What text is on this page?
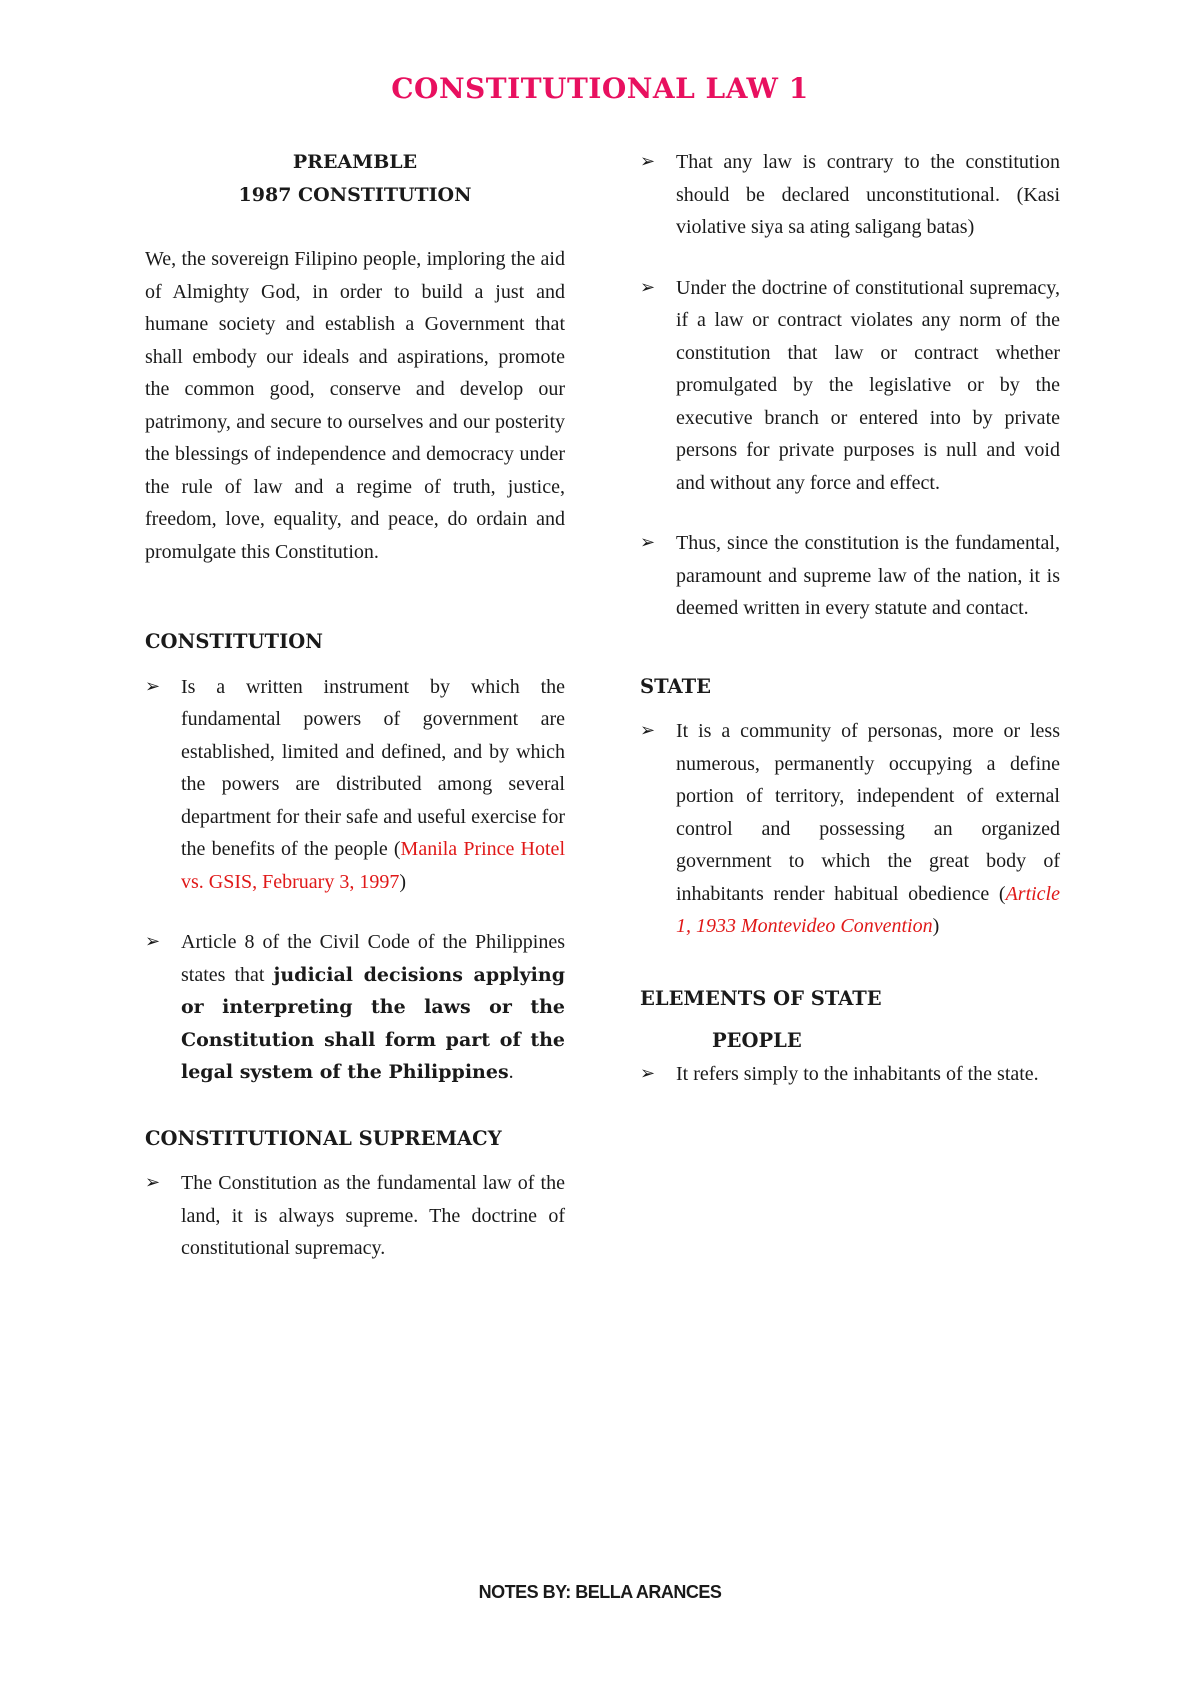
CONSTITUTIONAL LAW 1
PREAMBLE
1987 CONSTITUTION
We, the sovereign Filipino people, imploring the aid of Almighty God, in order to build a just and humane society and establish a Government that shall embody our ideals and aspirations, promote the common good, conserve and develop our patrimony, and secure to ourselves and our posterity the blessings of independence and democracy under the rule of law and a regime of truth, justice, freedom, love, equality, and peace, do ordain and promulgate this Constitution.
CONSTITUTION
➢	Is a written instrument by which the fundamental powers of government are established, limited and defined, and by which the powers are distributed among several department for their safe and useful exercise for the benefits of the people (Manila Prince Hotel vs. GSIS, February 3, 1997)
➢	Article 8 of the Civil Code of the Philippines states that judicial decisions applying or interpreting the laws or the Constitution shall form part of the legal system of the Philippines.
CONSTITUTIONAL SUPREMACY
➢	The Constitution as the fundamental law of the land, it is always supreme. The doctrine of constitutional supremacy.
➢	That any law is contrary to the constitution should be declared unconstitutional. (Kasi violative siya sa ating saligang batas)
➢	Under the doctrine of constitutional supremacy, if a law or contract violates any norm of the constitution that law or contract whether promulgated by the legislative or by the executive branch or entered into by private persons for private purposes is null and void and without any force and effect.
➢	Thus, since the constitution is the fundamental, paramount and supreme law of the nation, it is deemed written in every statute and contact.
STATE
➢	It is a community of personas, more or less numerous, permanently occupying a define portion of territory, independent of external control and possessing an organized government to which the great body of inhabitants render habitual obedience (Article 1, 1933 Montevideo Convention)
ELEMENTS OF STATE
PEOPLE
➢	It refers simply to the inhabitants of the state.
NOTES BY: BELLA ARANCES
